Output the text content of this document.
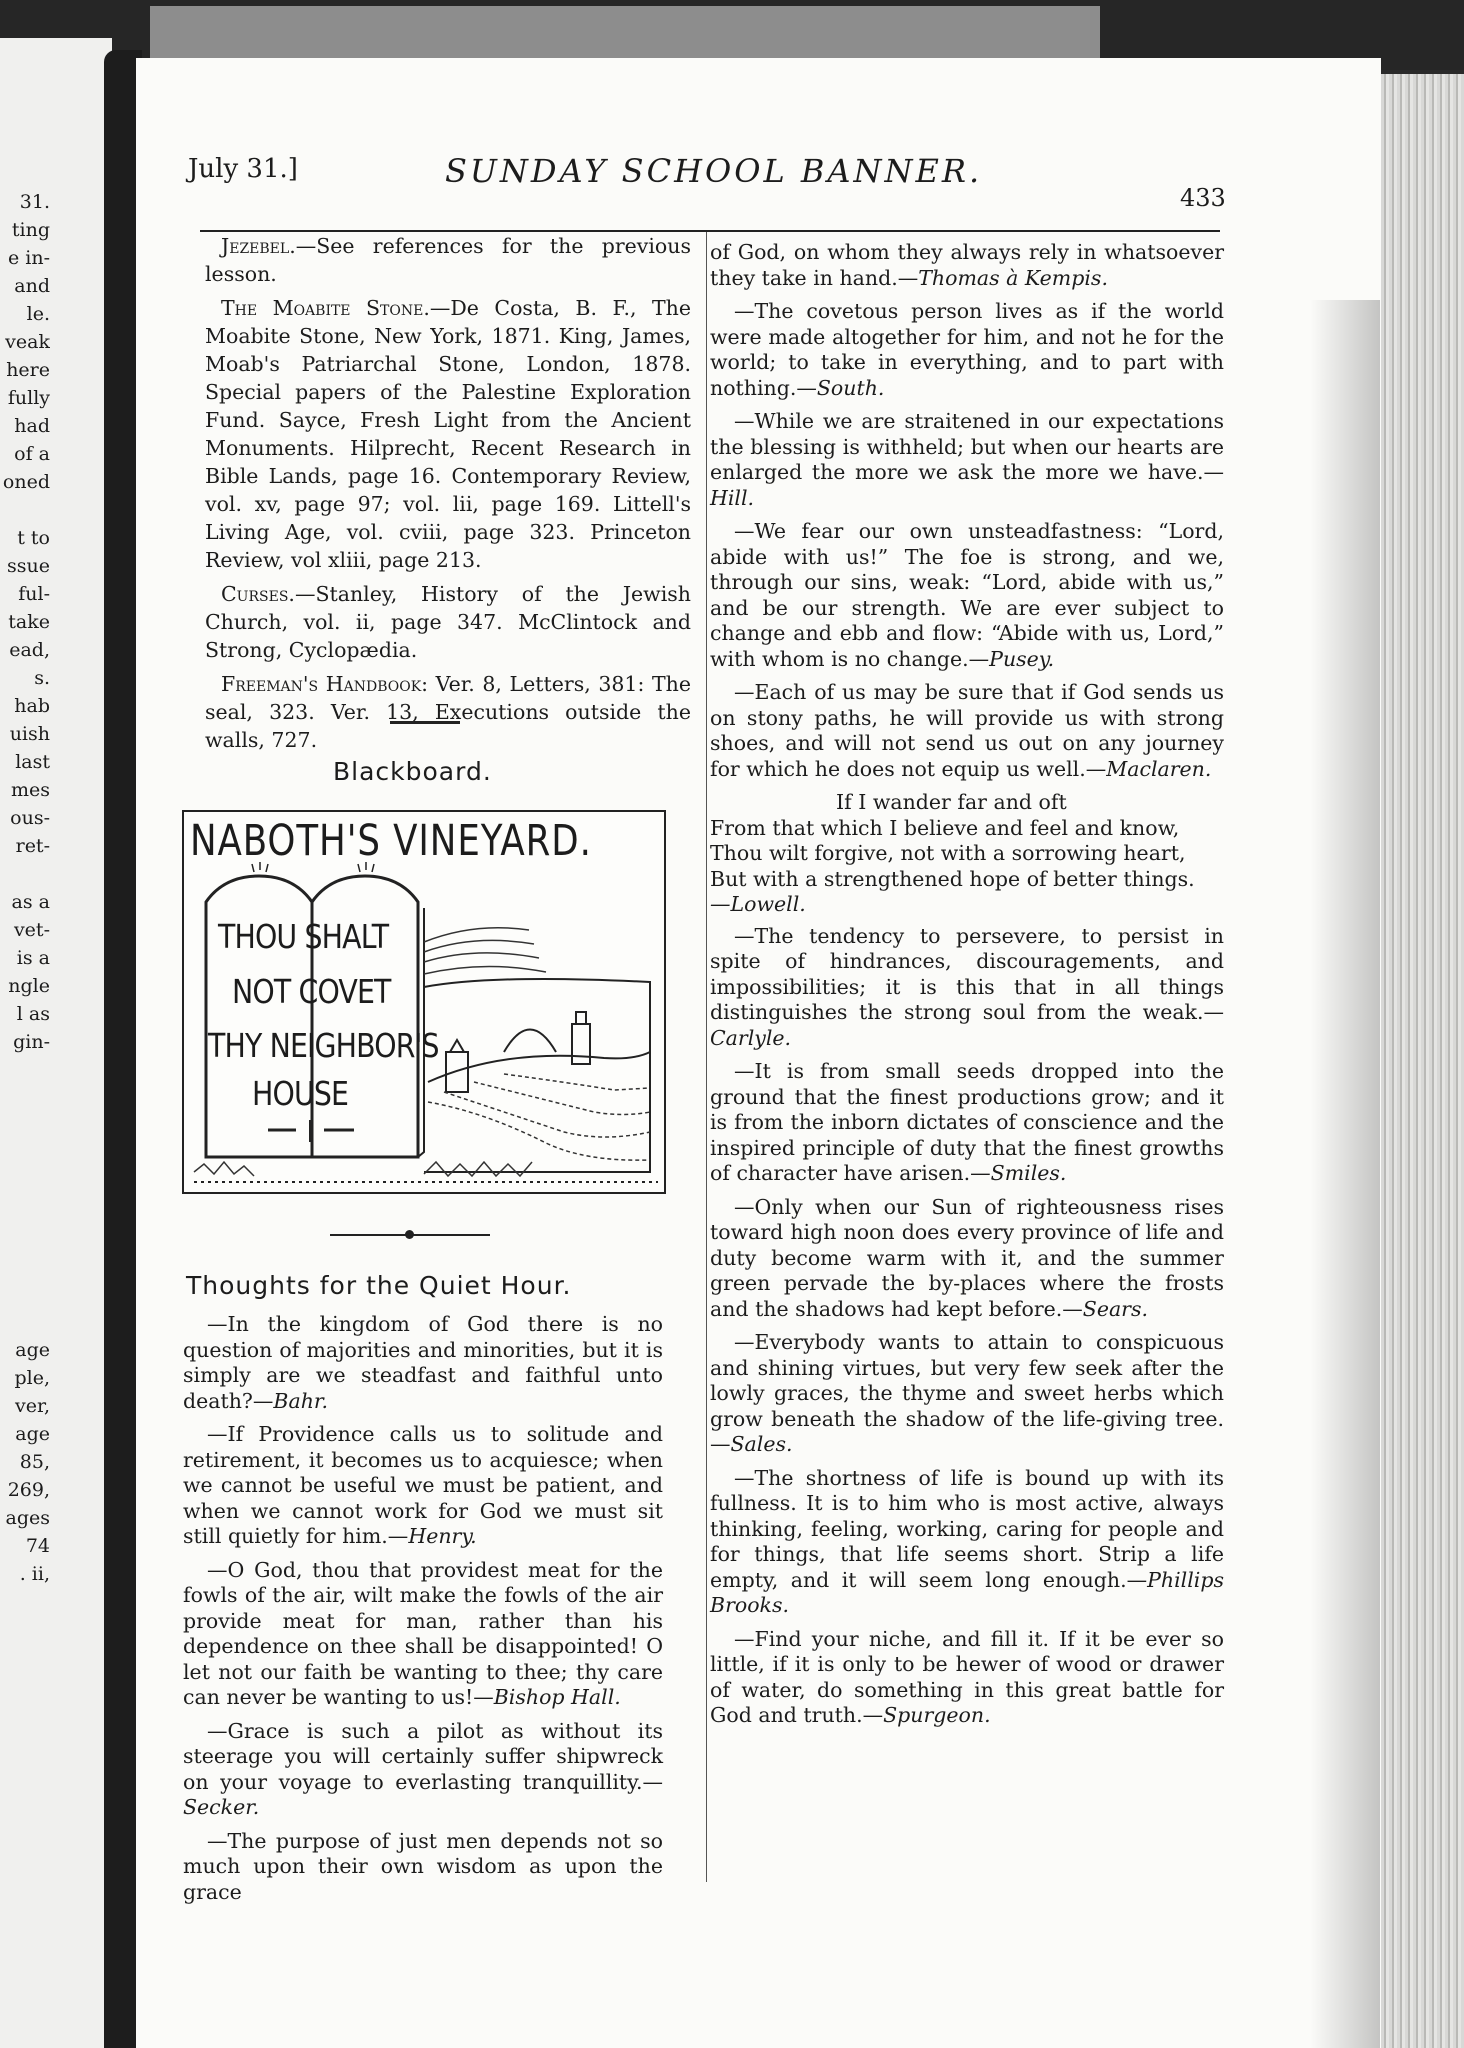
31.
ting
e in-
and
le.
veak
here
fully
had
of a
oned
t to
ssue
ful-
take
ead,
s.
hab
uish
last
mes
ous-
ret-
as a
vet-
is a
ngle
l as
gin-
age
ple,
ver,
age
85,
269,
ages
74
. ii,
July 31.]	SUNDAY SCHOOL BANNER.
433

Jezebel.—See references for the previous lesson.

The Moabite Stone.—De Costa, B. F., The Moabite Stone, New York, 1871. King, James, Moab's Patriarchal Stone, London, 1878. Special papers of the Palestine Exploration Fund. Sayce, Fresh Light from the Ancient Monuments. Hilprecht, Recent Research in Bible Lands, page 16. Contemporary Review, vol. xv, page 97; vol. lii, page 169. Littell's Living Age, vol. cviii, page 323. Princeton Review, vol xliii, page 213.

Curses.—Stanley, History of the Jewish Church, vol. ii, page 347. McClintock and Strong, Cyclopædia.

Freeman's Handbook: Ver. 8, Letters, 381: The seal, 323. Ver. 13, Executions outside the walls, 727.

Blackboard.
NABOTH'S VINEYARD.
THOU SHALT
NOT COVET
THY NEIGHBOR'S
HOUSE
Thoughts for the Quiet Hour.

—In the kingdom of God there is no question of majorities and minorities, but it is simply are we steadfast and faithful unto death?—Bahr.

—If Providence calls us to solitude and retirement, it becomes us to acquiesce; when we cannot be useful we must be patient, and when we cannot work for God we must sit still quietly for him.—Henry.

—O God, thou that providest meat for the fowls of the air, wilt make the fowls of the air provide meat for man, rather than his dependence on thee shall be disappointed! O let not our faith be wanting to thee; thy care can never be wanting to us!—Bishop Hall.

—Grace is such a pilot as without its steerage you will certainly suffer shipwreck on your voyage to everlasting tranquillity.—Secker.

—The purpose of just men depends not so much upon their own wisdom as upon the grace

of God, on whom they always rely in whatsoever they take in hand.—Thomas à Kempis.

—The covetous person lives as if the world were made altogether for him, and not he for the world; to take in everything, and to part with nothing.—South.

—While we are straitened in our expectations the blessing is withheld; but when our hearts are enlarged the more we ask the more we have.—Hill.

—We fear our own unsteadfastness: “Lord, abide with us!” The foe is strong, and we, through our sins, weak: “Lord, abide with us,” and be our strength. We are ever subject to change and ebb and flow: “Abide with us, Lord,” with whom is no change.—Pusey.

—Each of us may be sure that if God sends us on stony paths, he will provide us with strong shoes, and will not send us out on any journey for which he does not equip us well.—Maclaren.

If I wander far and oft
From that which I believe and feel and know,
Thou wilt forgive, not with a sorrowing heart,
But with a strengthened hope of better things.
—Lowell.

—The tendency to persevere, to persist in spite of hindrances, discouragements, and impossibilities; it is this that in all things distinguishes the strong soul from the weak.—Carlyle.

—It is from small seeds dropped into the ground that the finest productions grow; and it is from the inborn dictates of conscience and the inspired principle of duty that the finest growths of character have arisen.—Smiles.

—Only when our Sun of righteousness rises toward high noon does every province of life and duty become warm with it, and the summer green pervade the by-places where the frosts and the shadows had kept before.—Sears.

—Everybody wants to attain to conspicuous and shining virtues, but very few seek after the lowly graces, the thyme and sweet herbs which grow beneath the shadow of the life-giving tree. —Sales.

—The shortness of life is bound up with its fullness. It is to him who is most active, always thinking, feeling, working, caring for people and for things, that life seems short. Strip a life empty, and it will seem long enough.—Phillips Brooks.

—Find your niche, and fill it. If it be ever so little, if it is only to be hewer of wood or drawer of water, do something in this great battle for God and truth.—Spurgeon.
